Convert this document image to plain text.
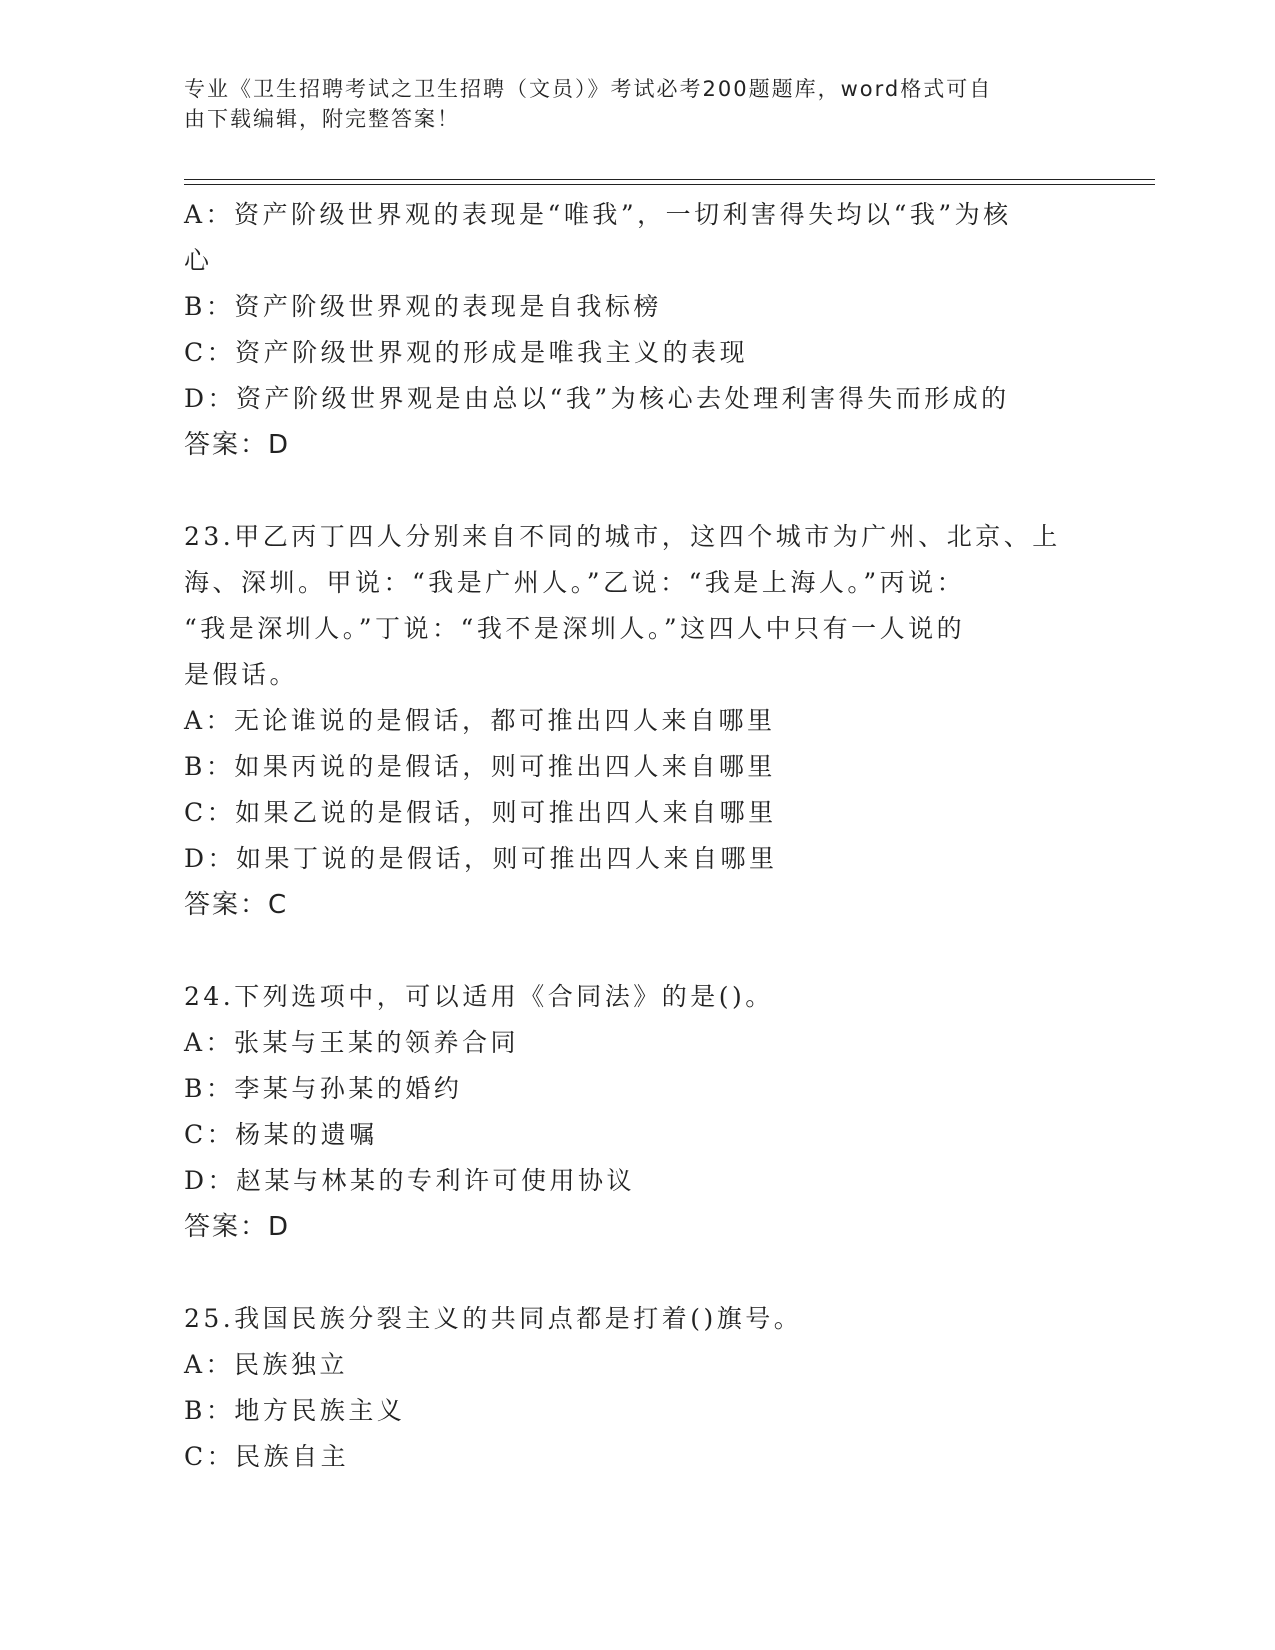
专业《卫生招聘考试之卫生招聘（文员）》考试必考200题题库，word格式可自
由下载编辑，附完整答案！
A：资产阶级世界观的表现是“唯我”，一切利害得失均以“我”为核
心
B：资产阶级世界观的表现是自我标榜
C：资产阶级世界观的形成是唯我主义的表现
D：资产阶级世界观是由总以“我”为核心去处理利害得失而形成的
答案：D
23.甲乙丙丁四人分别来自不同的城市，这四个城市为广州、北京、上
海、深圳。甲说：“我是广州人。”乙说：“我是上海人。”丙说：
“我是深圳人。”丁说：“我不是深圳人。”这四人中只有一人说的
是假话。
A：无论谁说的是假话，都可推出四人来自哪里
B：如果丙说的是假话，则可推出四人来自哪里
C：如果乙说的是假话，则可推出四人来自哪里
D：如果丁说的是假话，则可推出四人来自哪里
答案：C
24.下列选项中，可以适用《合同法》的是()。
A：张某与王某的领养合同
B：李某与孙某的婚约
C：杨某的遗嘱
D：赵某与林某的专利许可使用协议
答案：D
25.我国民族分裂主义的共同点都是打着()旗号。
A：民族独立
B：地方民族主义
C：民族自主
